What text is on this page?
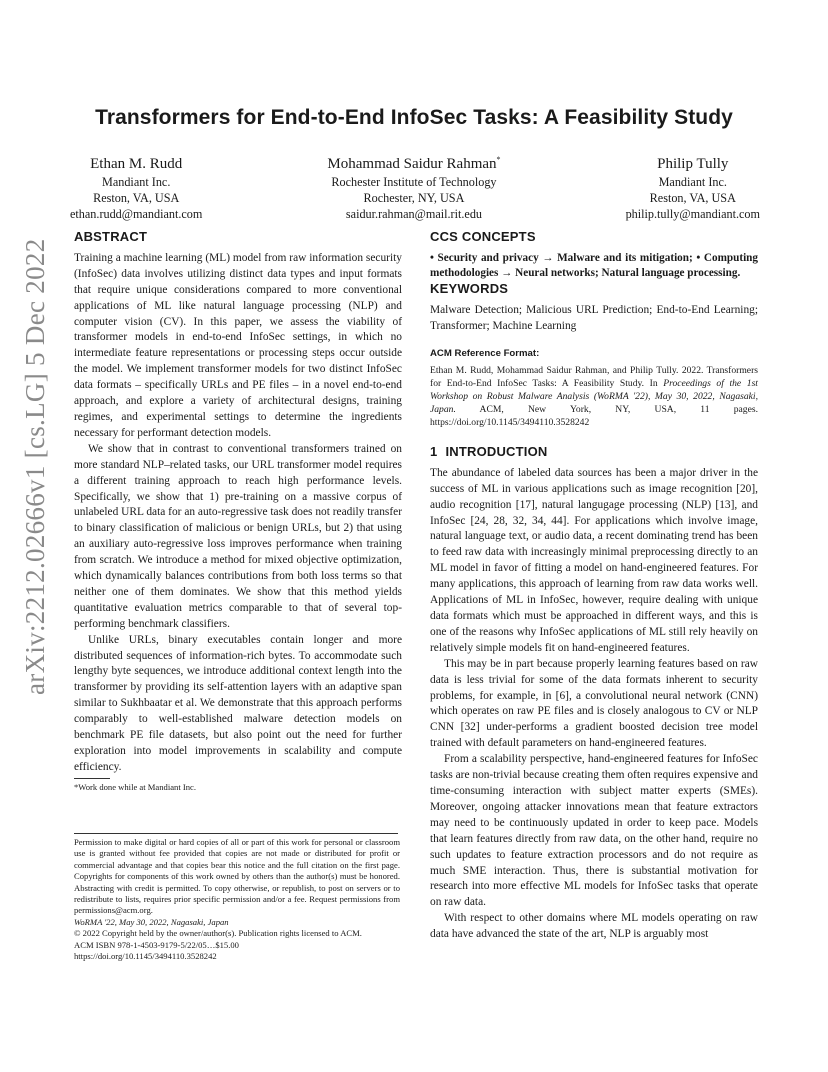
Transformers for End-to-End InfoSec Tasks: A Feasibility Study
Ethan M. Rudd
Mandiant Inc.
Reston, VA, USA
ethan.rudd@mandiant.com
Mohammad Saidur Rahman*
Rochester Institute of Technology
Rochester, NY, USA
saidur.rahman@mail.rit.edu
Philip Tully
Mandiant Inc.
Reston, VA, USA
philip.tully@mandiant.com
arXiv:2212.02666v1 [cs.LG] 5 Dec 2022
ABSTRACT

Training a machine learning (ML) model from raw information security (InfoSec) data involves utilizing distinct data types and input formats that require unique considerations compared to more conventional applications of ML like natural language processing (NLP) and computer vision (CV). In this paper, we assess the viability of transformer models in end-to-end InfoSec settings, in which no intermediate feature representations or processing steps occur outside the model. We implement transformer models for two distinct InfoSec data formats – specifically URLs and PE files – in a novel end-to-end approach, and explore a variety of architectural designs, training regimes, and experimental settings to determine the ingredients necessary for performant detection models.

We show that in contrast to conventional transformers trained on more standard NLP–related tasks, our URL transformer model requires a different training approach to reach high performance levels. Specifically, we show that 1) pre-training on a massive corpus of unlabeled URL data for an auto-regressive task does not readily transfer to binary classification of malicious or benign URLs, but 2) that using an auxiliary auto-regressive loss improves performance when training from scratch. We introduce a method for mixed objective optimization, which dynamically balances contributions from both loss terms so that neither one of them dominates. We show that this method yields quantitative evaluation metrics comparable to that of several top-performing benchmark classifiers.

Unlike URLs, binary executables contain longer and more distributed sequences of information-rich bytes. To accommodate such lengthy byte sequences, we introduce additional context length into the transformer by providing its self-attention layers with an adaptive span similar to Sukhbaatar et al. We demonstrate that this approach performs comparably to well-established malware detection models on benchmark PE file datasets, but also point out the need for further exploration into model improvements in scalability and compute efficiency.

*Work done while at Mandiant Inc.

Permission to make digital or hard copies of all or part of this work for personal or classroom use is granted without fee provided that copies are not made or distributed for profit or commercial advantage and that copies bear this notice and the full citation on the first page. Copyrights for components of this work owned by others than the author(s) must be honored. Abstracting with credit is permitted. To copy otherwise, or republish, to post on servers or to redistribute to lists, requires prior specific permission and/or a fee. Request permissions from permissions@acm.org.

WoRMA '22, May 30, 2022, Nagasaki, Japan

© 2022 Copyright held by the owner/author(s). Publication rights licensed to ACM.

ACM ISBN 978-1-4503-9179-5/22/05…$15.00

https://doi.org/10.1145/3494110.3528242

CCS CONCEPTS

• Security and privacy → Malware and its mitigation; • Computing methodologies → Neural networks; Natural language processing.

KEYWORDS

Malware Detection; Malicious URL Prediction; End-to-End Learning; Transformer; Machine Learning

ACM Reference Format:
Ethan M. Rudd, Mohammad Saidur Rahman, and Philip Tully. 2022. Transformers for End-to-End InfoSec Tasks: A Feasibility Study. In Proceedings of the 1st Workshop on Robust Malware Analysis (WoRMA '22), May 30, 2022, Nagasaki, Japan. ACM, New York, NY, USA, 11 pages. https://doi.org/10.1145/3494110.3528242
1 INTRODUCTION

The abundance of labeled data sources has been a major driver in the success of ML in various applications such as image recognition [20], audio recognition [17], natural langugage processing (NLP) [13], and InfoSec [24, 28, 32, 34, 44]. For applications which involve image, natural language text, or audio data, a recent dominating trend has been to feed raw data with increasingly minimal preprocessing directly to an ML model in favor of fitting a model on hand-engineered features. For many applications, this approach of learning from raw data works well. Applications of ML in InfoSec, however, require dealing with unique data formats which must be approached in different ways, and this is one of the reasons why InfoSec applications of ML still rely heavily on relatively simple models fit on hand-engineered features.

This may be in part because properly learning features based on raw data is less trivial for some of the data formats inherent to security problems, for example, in [6], a convolutional neural network (CNN) which operates on raw PE files and is closely analogous to CV or NLP CNN [32] under-performs a gradient boosted decision tree model trained with default parameters on hand-engineered features.

From a scalability perspective, hand-engineered features for InfoSec tasks are non-trivial because creating them often requires expensive and time-consuming interaction with subject matter experts (SMEs). Moreover, ongoing attacker innovations mean that feature extractors may need to be continuously updated in order to keep pace. Models that learn features directly from raw data, on the other hand, require no such updates to feature extraction processors and do not require as much SME interaction. Thus, there is substantial motivation for research into more effective ML models for InfoSec tasks that operate on raw data.

With respect to other domains where ML models operating on raw data have advanced the state of the art, NLP is arguably most
